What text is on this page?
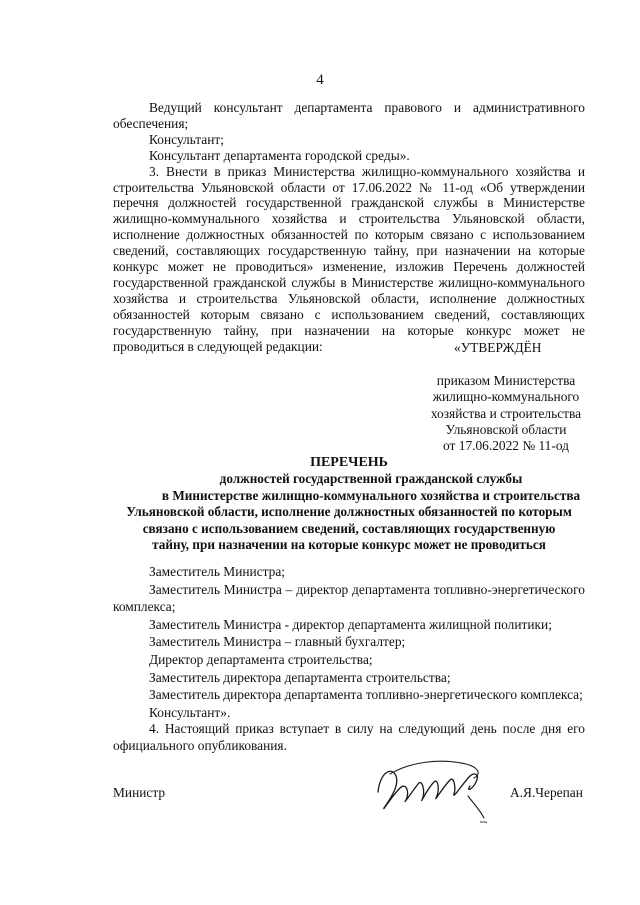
4

Ведущий консультант департамента правового и административного обеспечения;

Консультант;

Консультант департамента городской среды».

3. Внести в приказ Министерства жилищно-коммунального хозяйства и строительства Ульяновской области от 17.06.2022 № 11-од «Об утверждении перечня должностей государственной гражданской службы в Министерстве жилищно-коммунального хозяйства и строительства Ульяновской области, исполнение должностных обязанностей по которым связано с использованием сведений, составляющих государственную тайну, при назначении на которые конкурс может не проводиться» изменение, изложив Перечень должностей государственной гражданской службы в Министерстве жилищно-коммунального хозяйства и строительства Ульяновской области, исполнение должностных обязанностей которым связано с использованием сведений, составляющих государственную тайну, при назначении на которые конкурс может не проводиться в следующей редакции:	«УТВЕРЖДЁН
приказом Министерства
жилищно-коммунального
хозяйства и строительства
Ульяновской области
от 17.06.2022 № 11-од
ПЕРЕЧЕНЬ
должностей государственной гражданской службы
в Министерстве жилищно-коммунального хозяйства и строительства
Ульяновской области, исполнение должностных обязанностей по которым
связано с использованием сведений, составляющих государственную
тайну, при назначении на которые конкурс может не проводиться

Заместитель Министра;

Заместитель Министра – директор департамента топливно-энергетического комплекса;

Заместитель Министра - директор департамента жилищной политики;

Заместитель Министра – главный бухгалтер;

Директор департамента строительства;

Заместитель директора департамента строительства;

Заместитель директора департамента топливно-энергетического комплекса;

Консультант».

4. Настоящий приказ вступает в силу на следующий день после дня его официального опубликования.

Министр	А.Я.Черепан
